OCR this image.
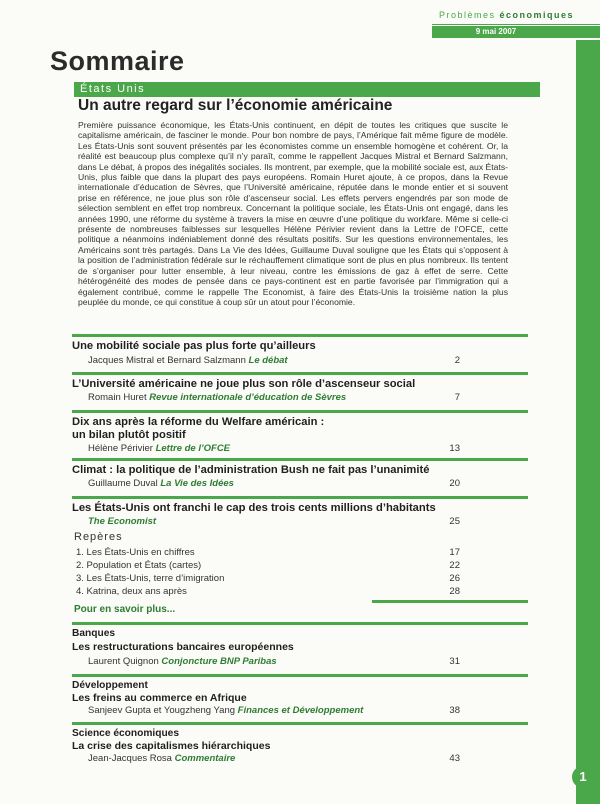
Problèmes économiques
9 mai 2007
Sommaire
États Unis
Un autre regard sur l’économie américaine
Première puissance économique, les États-Unis continuent, en dépit de toutes les critiques que suscite le capitalisme américain, de fasciner le monde. Pour bon nombre de pays, l’Amérique fait même figure de modèle. Les États-Unis sont souvent présentés par les économistes comme un ensemble homogène et cohérent. Or, la réalité est beaucoup plus complexe qu’il n’y paraît, comme le rappellent Jacques Mistral et Bernard Salzmann, dans Le débat, à propos des inégalités sociales. Ils montrent, par exemple, que la mobilité sociale est, aux États-Unis, plus faible que dans la plupart des pays européens. Romain Huret ajoute, à ce propos, dans la Revue internationale d’éducation de Sèvres, que l’Université américaine, réputée dans le monde entier et si souvent prise en référence, ne joue plus son rôle d’ascenseur social. Les effets pervers engendrés par son mode de sélection semblent en effet trop nombreux. Concernant la politique sociale, les États-Unis ont engagé, dans les années 1990, une réforme du système à travers la mise en œuvre d’une politique du workfare. Même si celle-ci présente de nombreuses faiblesses sur lesquelles Hélène Périvier revient dans la Lettre de l’OFCE, cette politique a néanmoins indéniablement donné des résultats positifs. Sur les questions environnementales, les Américains sont très partagés. Dans La Vie des Idées, Guillaume Duval souligne que les États qui s’opposent à la position de l’administration fédérale sur le réchauffement climatique sont de plus en plus nombreux. Ils tentent de s’organiser pour lutter ensemble, à leur niveau, contre les émissions de gaz à effet de serre. Cette hétérogénéité des modes de pensée dans ce pays-continent est en partie favorisée par l’immigration qui a également contribué, comme le rappelle The Economist, à faire des États-Unis la troisième nation la plus peuplée du monde, ce qui constitue à coup sûr un atout pour l’économie.
Une mobilité sociale pas plus forte qu’ailleurs
Jacques Mistral et Bernard Salzmann Le débat	2
L’Université américaine ne joue plus son rôle d’ascenseur social
Romain Huret Revue internationale d’éducation de Sèvres	7
Dix ans après la réforme du Welfare américain :
un bilan plutôt positif
Hélène Périvier Lettre de l’OFCE	13
Climat : la politique de l’administration Bush ne fait pas l’unanimité
Guillaume Duval La Vie des Idées	20
Les États-Unis ont franchi le cap des trois cents millions d’habitants
The Economist	25
Repères
1. Les États-Unis en chiffres	17
2. Population et États (cartes)	22
3. Les États-Unis, terre d’imigration	26
4. Katrina, deux ans après	28
Pour en savoir plus...
Banques
Les restructurations bancaires européennes
Laurent Quignon Conjoncture BNP Paribas	31
Développement
Les freins au commerce en Afrique
Sanjeev Gupta et Yougzheng Yang Finances et Développement	38
Science économiques
La crise des capitalismes hiérarchiques
Jean-Jacques Rosa Commentaire	43
1
